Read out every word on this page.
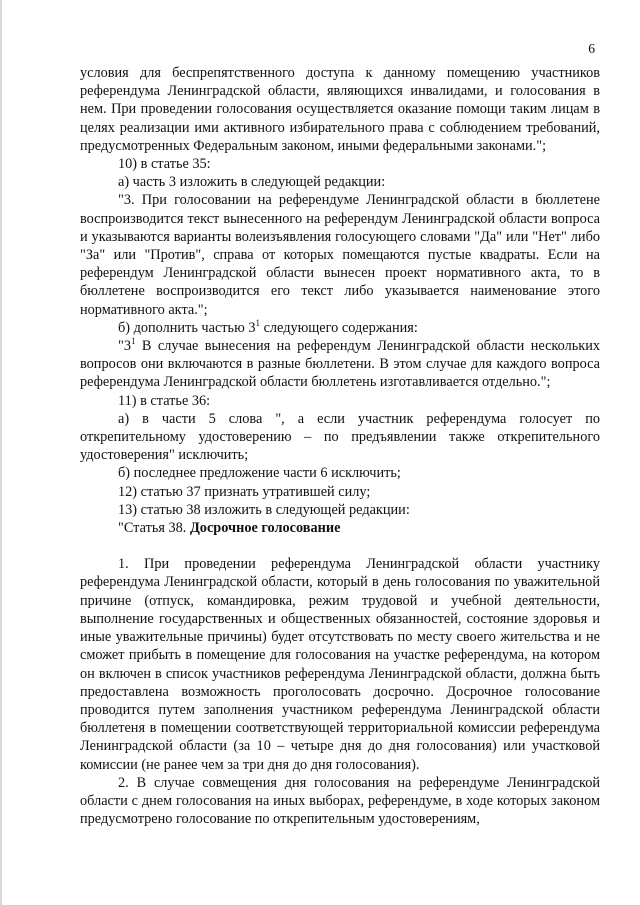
6

условия для беспрепятственного доступа к данному помещению участников референдума Ленинградской области, являющихся инвалидами, и голосования в нем. При проведении голосования осуществляется оказание помощи таким лицам в целях реализации ими активного избирательного права с соблюдением требований, предусмотренных Федеральным законом, иными федеральными законами.";

10) в статье 35:

а) часть 3 изложить в следующей редакции:

"3. При голосовании на референдуме Ленинградской области в бюллетене воспроизводится текст вынесенного на референдум Ленинградской области вопроса и указываются варианты волеизъявления голосующего словами "Да" или "Нет" либо "За" или "Против", справа от которых помещаются пустые квадраты. Если на референдум Ленинградской области вынесен проект нормативного акта, то в бюллетене воспроизводится его текст либо указывается наименование этого нормативного акта.";

б) дополнить частью $3^1$ следующего содержания:

"$3^1$ В случае вынесения на референдум Ленинградской области нескольких вопросов они включаются в разные бюллетени. В этом случае для каждого вопроса референдума Ленинградской области бюллетень изготавливается отдельно.";

11) в статье 36:

а) в части 5 слова ", а если участник референдума голосует по открепительному удостоверению – по предъявлении также открепительного удостоверения" исключить;

б) последнее предложение части 6 исключить;

12) статью 37 признать утратившей силу;

13) статью 38 изложить в следующей редакции:

"Статья 38. Досрочное голосование

1. При проведении референдума Ленинградской области участнику референдума Ленинградской области, который в день голосования по уважительной причине (отпуск, командировка, режим трудовой и учебной деятельности, выполнение государственных и общественных обязанностей, состояние здоровья и иные уважительные причины) будет отсутствовать по месту своего жительства и не сможет прибыть в помещение для голосования на участке референдума, на котором он включен в список участников референдума Ленинградской области, должна быть предоставлена возможность проголосовать досрочно. Досрочное голосование проводится путем заполнения участником референдума Ленинградской области бюллетеня в помещении соответствующей территориальной комиссии референдума Ленинградской области (за 10 – четыре дня до дня голосования) или участковой комиссии (не ранее чем за три дня до дня голосования).

2. В случае совмещения дня голосования на референдуме Ленинградской области с днем голосования на иных выборах, референдуме, в ходе которых законом предусмотрено голосование по открепительным удостоверениям,
